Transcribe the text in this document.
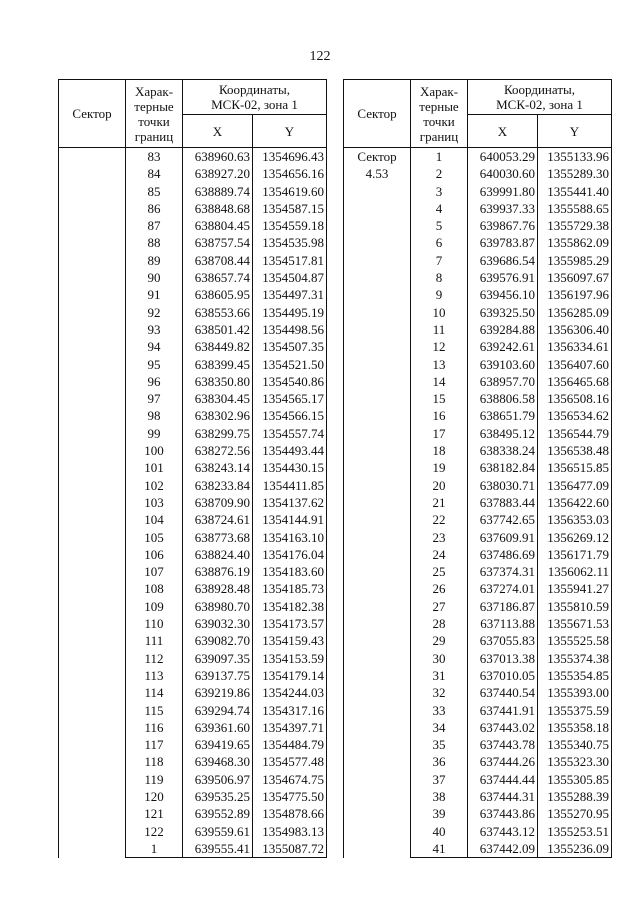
122
Сектор	Харак-
терные
точки
границ	Координаты,
МСК-02, зона 1	
		X	Y
	83	638960.63	1354696.43
	84	638927.20	1354656.16
	85	638889.74	1354619.60
	86	638848.68	1354587.15
	87	638804.45	1354559.18
	88	638757.54	1354535.98
	89	638708.44	1354517.81
	90	638657.74	1354504.87
	91	638605.95	1354497.31
	92	638553.66	1354495.19
	93	638501.42	1354498.56
	94	638449.82	1354507.35
	95	638399.45	1354521.50
	96	638350.80	1354540.86
	97	638304.45	1354565.17
	98	638302.96	1354566.15
	99	638299.75	1354557.74
	100	638272.56	1354493.44
	101	638243.14	1354430.15
	102	638233.84	1354411.85
	103	638709.90	1354137.62
	104	638724.61	1354144.91
	105	638773.68	1354163.10
	106	638824.40	1354176.04
	107	638876.19	1354183.60
	108	638928.48	1354185.73
	109	638980.70	1354182.38
	110	639032.30	1354173.57
	111	639082.70	1354159.43
	112	639097.35	1354153.59
	113	639137.75	1354179.14
	114	639219.86	1354244.03
	115	639294.74	1354317.16
	116	639361.60	1354397.71
	117	639419.65	1354484.79
	118	639468.30	1354577.48
	119	639506.97	1354674.75
	120	639535.25	1354775.50
	121	639552.89	1354878.66
	122	639559.61	1354983.13
	1	639555.41	1355087.72
Сектор	Харак-
терные
точки
границ	Координаты,
МСК-02, зона 1	
		X	Y
Сектор
4.53	1	640053.29	1355133.96
	2	640030.60	1355289.30
	3	639991.80	1355441.40
	4	639937.33	1355588.65
	5	639867.76	1355729.38
	6	639783.87	1355862.09
	7	639686.54	1355985.29
	8	639576.91	1356097.67
	9	639456.10	1356197.96
	10	639325.50	1356285.09
	11	639284.88	1356306.40
	12	639242.61	1356334.61
	13	639103.60	1356407.60
	14	638957.70	1356465.68
	15	638806.58	1356508.16
	16	638651.79	1356534.62
	17	638495.12	1356544.79
	18	638338.24	1356538.48
	19	638182.84	1356515.85
	20	638030.71	1356477.09
	21	637883.44	1356422.60
	22	637742.65	1356353.03
	23	637609.91	1356269.12
	24	637486.69	1356171.79
	25	637374.31	1356062.11
	26	637274.01	1355941.27
	27	637186.87	1355810.59
	28	637113.88	1355671.53
	29	637055.83	1355525.58
	30	637013.38	1355374.38
	31	637010.05	1355354.85
	32	637440.54	1355393.00
	33	637441.91	1355375.59
	34	637443.02	1355358.18
	35	637443.78	1355340.75
	36	637444.26	1355323.30
	37	637444.44	1355305.85
	38	637444.31	1355288.39
	39	637443.86	1355270.95
	40	637443.12	1355253.51
	41	637442.09	1355236.09
